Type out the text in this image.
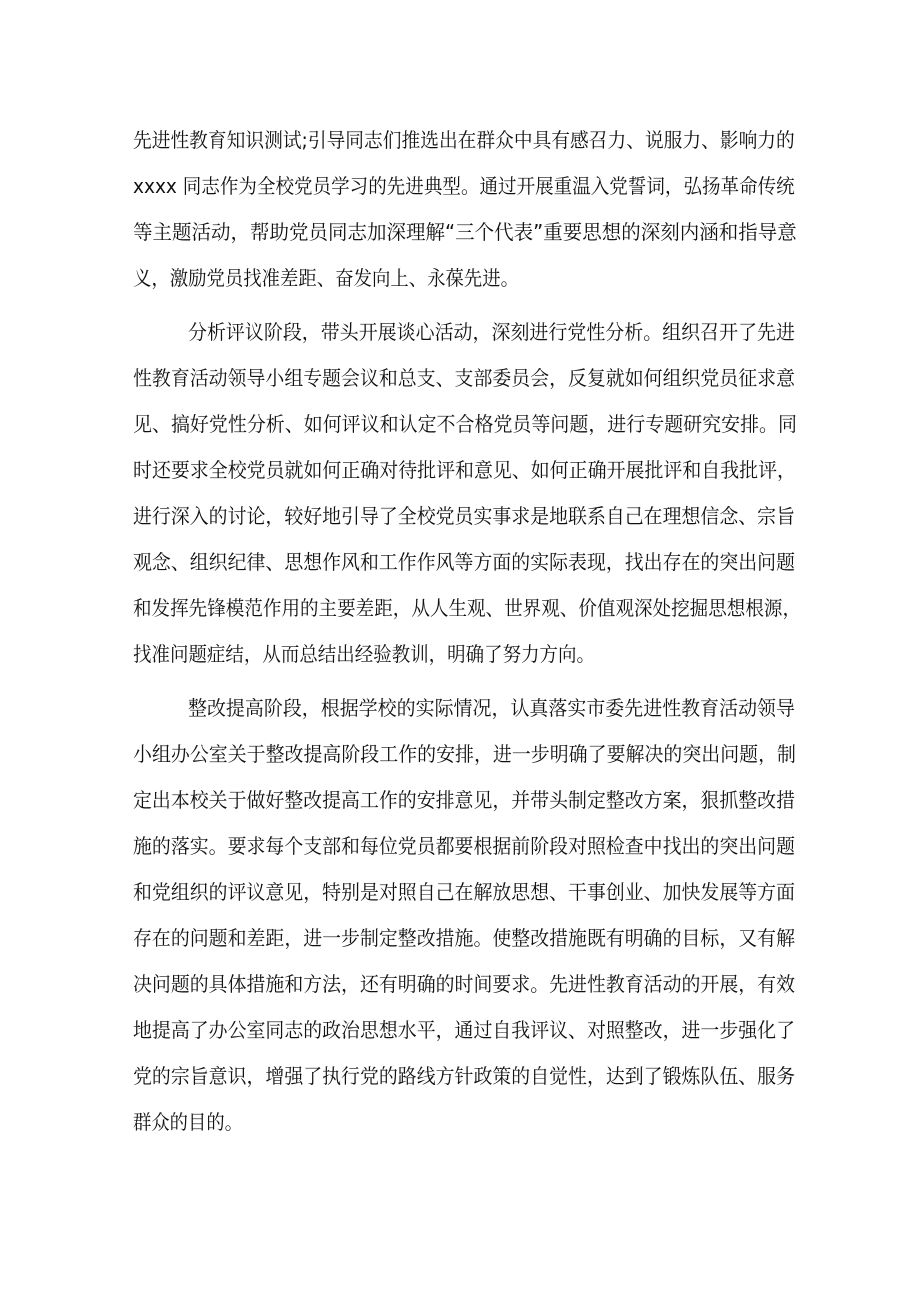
先进性教育知识测试;引导同志们推选出在群众中具有感召力、说服力、影响力的
xxxx 同志作为全校党员学习的先进典型。通过开展重温入党誓词，弘扬革命传统
等主题活动，帮助党员同志加深理解“三个代表”重要思想的深刻内涵和指导意
义，激励党员找准差距、奋发向上、永葆先进。
分析评议阶段，带头开展谈心活动，深刻进行党性分析。组织召开了先进
性教育活动领导小组专题会议和总支、支部委员会，反复就如何组织党员征求意
见、搞好党性分析、如何评议和认定不合格党员等问题，进行专题研究安排。同
时还要求全校党员就如何正确对待批评和意见、如何正确开展批评和自我批评，
进行深入的讨论，较好地引导了全校党员实事求是地联系自己在理想信念、宗旨
观念、组织纪律、思想作风和工作作风等方面的实际表现，找出存在的突出问题
和发挥先锋模范作用的主要差距，从人生观、世界观、价值观深处挖掘思想根源，
找准问题症结，从而总结出经验教训，明确了努力方向。
整改提高阶段，根据学校的实际情况，认真落实市委先进性教育活动领导
小组办公室关于整改提高阶段工作的安排，进一步明确了要解决的突出问题，制
定出本校关于做好整改提高工作的安排意见，并带头制定整改方案，狠抓整改措
施的落实。要求每个支部和每位党员都要根据前阶段对照检查中找出的突出问题
和党组织的评议意见，特别是对照自己在解放思想、干事创业、加快发展等方面
存在的问题和差距，进一步制定整改措施。使整改措施既有明确的目标，又有解
决问题的具体措施和方法，还有明确的时间要求。先进性教育活动的开展，有效
地提高了办公室同志的政治思想水平，通过自我评议、对照整改，进一步强化了
党的宗旨意识，增强了执行党的路线方针政策的自觉性，达到了锻炼队伍、服务
群众的目的。
